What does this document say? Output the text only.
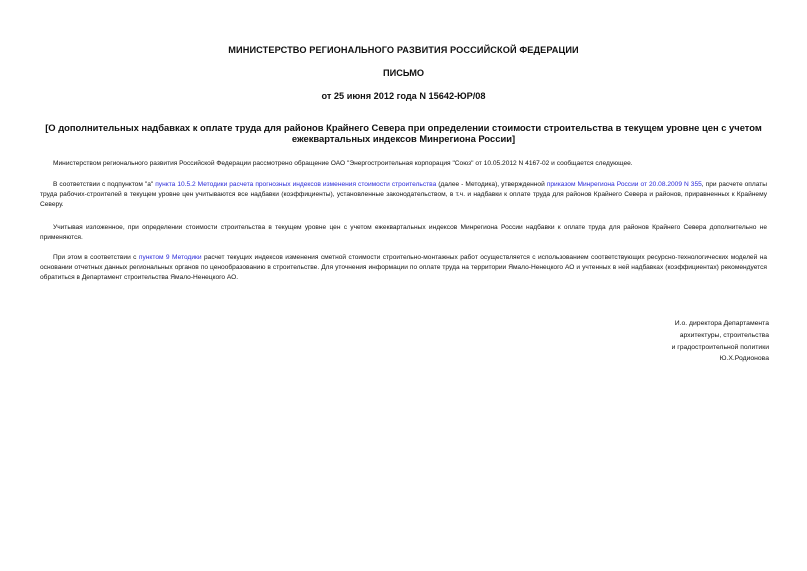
МИНИСТЕРСТВО РЕГИОНАЛЬНОГО РАЗВИТИЯ РОССИЙСКОЙ ФЕДЕРАЦИИ
ПИСЬМО
от 25 июня 2012 года N 15642-ЮР/08
[О дополнительных надбавках к оплате труда для районов Крайнего Севера при определении стоимости строительства в текущем уровне цен с учетом ежеквартальных индексов Минрегиона России]
Министерством регионального развития Российской Федерации рассмотрено обращение ОАО "Энергостроительная корпорация "Союз" от 10.05.2012 N 4167-02 и сообщается следующее.
В соответствии с подпунктом "а" пункта 10.5.2 Методики расчета прогнозных индексов изменения стоимости строительства (далее - Методика), утвержденной приказом Минрегиона России от 20.08.2009 N 355, при расчете оплаты труда рабочих-строителей в текущем уровне цен учитываются все надбавки (коэффициенты), установленные законодательством, в т.ч. и надбавки к оплате труда для районов Крайнего Севера и районов, приравненных к Крайнему Северу.
Учитывая изложенное, при определении стоимости строительства в текущем уровне цен с учетом ежеквартальных индексов Минрегиона России надбавки к оплате труда для районов Крайнего Севера дополнительно не применяются.
При этом в соответствии с пунктом 9 Методики расчет текущих индексов изменения сметной стоимости строительно-монтажных работ осуществляется с использованием соответствующих ресурсно-технологических моделей на основании отчетных данных региональных органов по ценообразованию в строительстве. Для уточнения информации по оплате труда на территории Ямало-Ненецкого АО и учтенных в ней надбавках (коэффициентах) рекомендуется обратиться в Департамент строительства Ямало-Ненецкого АО.
И.о. директора Департамента
архитектуры, строительства
и градостроительной политики
Ю.Х.Родионова
